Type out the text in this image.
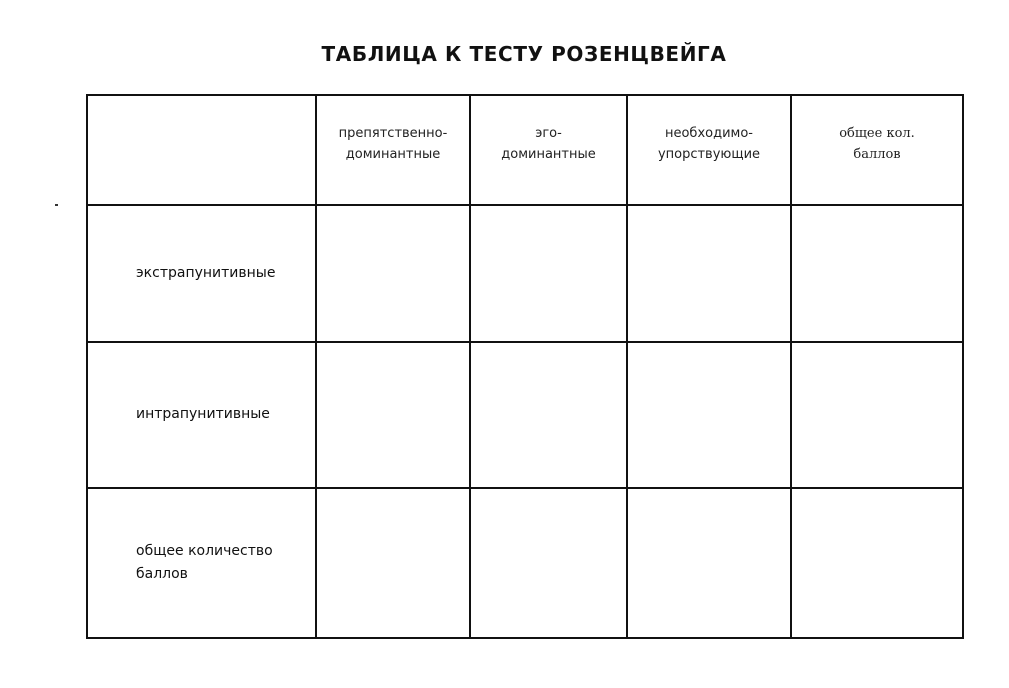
ТАБЛИЦА К ТЕСТУ РОЗЕНЦВЕЙГА

	препятственно-
доминантные	эго-
доминантные	необходимо-
упорствующие	общее кол.
баллов

экстрапунитивные				

интрапунитивные				

общее количество
баллов				
